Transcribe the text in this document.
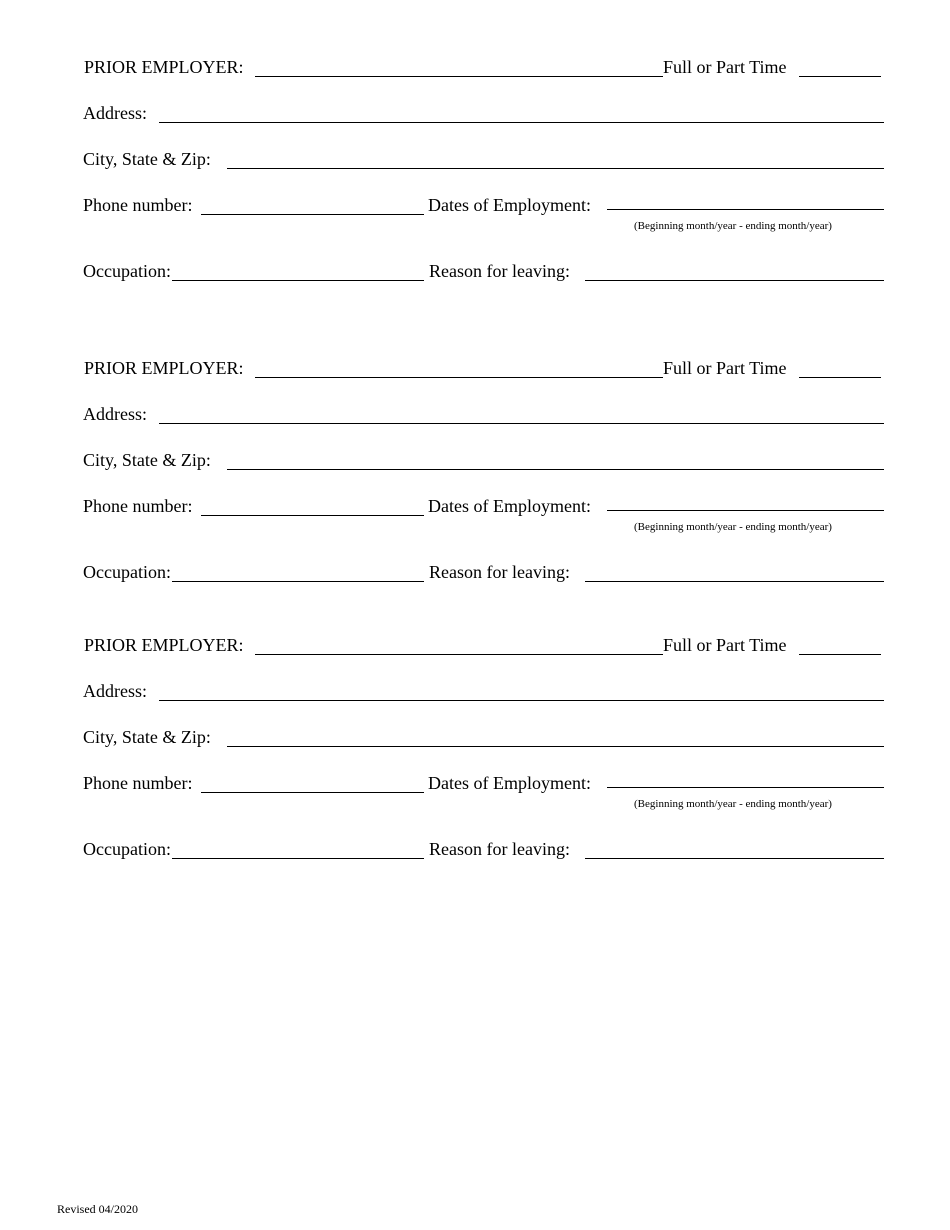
PRIOR EMPLOYER:	Full or Part Time
Address:
City, State & Zip:
Phone number:	Dates of Employment:
(Beginning month/year - ending month/year)
Occupation:	Reason for leaving:
PRIOR EMPLOYER:	Full or Part Time
Address:
City, State & Zip:
Phone number:	Dates of Employment:
(Beginning month/year - ending month/year)
Occupation:	Reason for leaving:
PRIOR EMPLOYER:	Full or Part Time
Address:
City, State & Zip:
Phone number:	Dates of Employment:
(Beginning month/year - ending month/year)
Occupation:	Reason for leaving:
Revised 04/2020
